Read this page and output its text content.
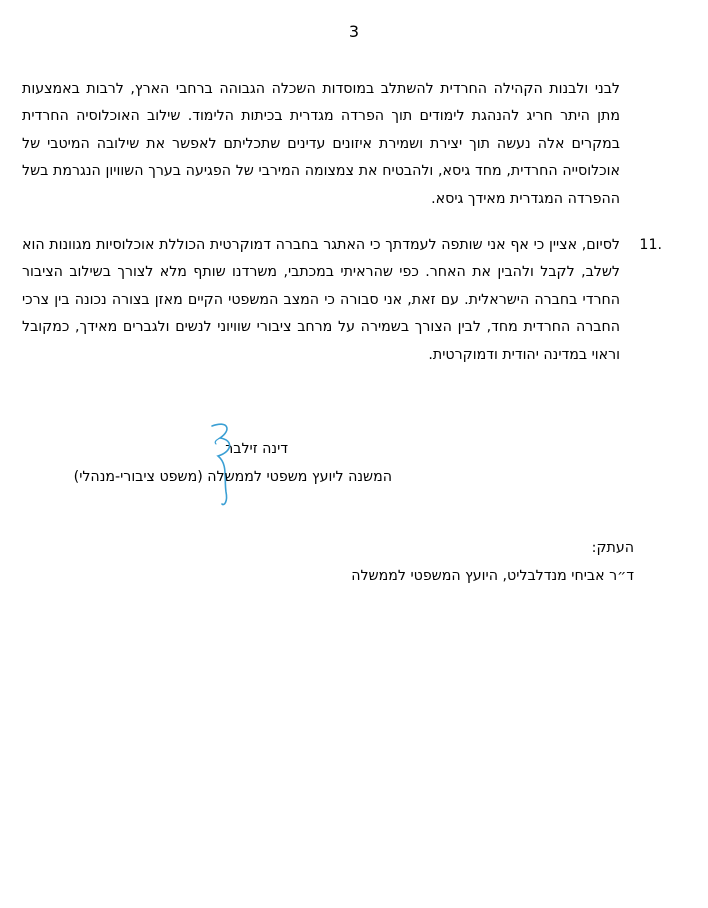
3

לבני ולבנות הקהילה החרדית להשתלב במוסדות השכלה הגבוהה ברחבי הארץ, לרבות באמצעות מתן היתר חריג להנהגת לימודים תוך הפרדה מגדרית בכיתות הלימוד. שילוב האוכלוסיה החרדית במקרים אלה נעשה תוך יצירת ושמירת איזונים עדינים שתכליתם לאפשר את שילובה המיטבי של אוכלוסייה החרדית, מחד גיסא, ולהבטיח את צמצומה המירבי של הפגיעה בערך השוויון הנגרמת בשל ההפרדה המגדרית מאידך גיסא.

11.

לסיום, אציין כי אף אני שותפה לעמדתך כי האתגר בחברה דמוקרטית הכוללת אוכלוסיות מגוונות הוא לשלב, לקבל ולהבין את האחר. כפי שהראיתי במכתבי, משרדנו שותף מלא לצורך בשילוב הציבור החרדי בחברה הישראלית. עם זאת, אני סבורה כי המצב המשפטי הקיים מאזן בצורה נכונה בין צרכי החברה החרדית מחד, לבין הצורך בשמירה על מרחב ציבורי שוויוני לנשים ולגברים מאידך, כמקובל וראוי במדינה יהודית ודמוקרטית.

דינה זילבר
המשנה ליועץ משפטי לממשלה (משפט ציבורי-מנהלי)
העתק:
ד״ר אביחי מנדלבליט, היועץ המשפטי לממשלה
